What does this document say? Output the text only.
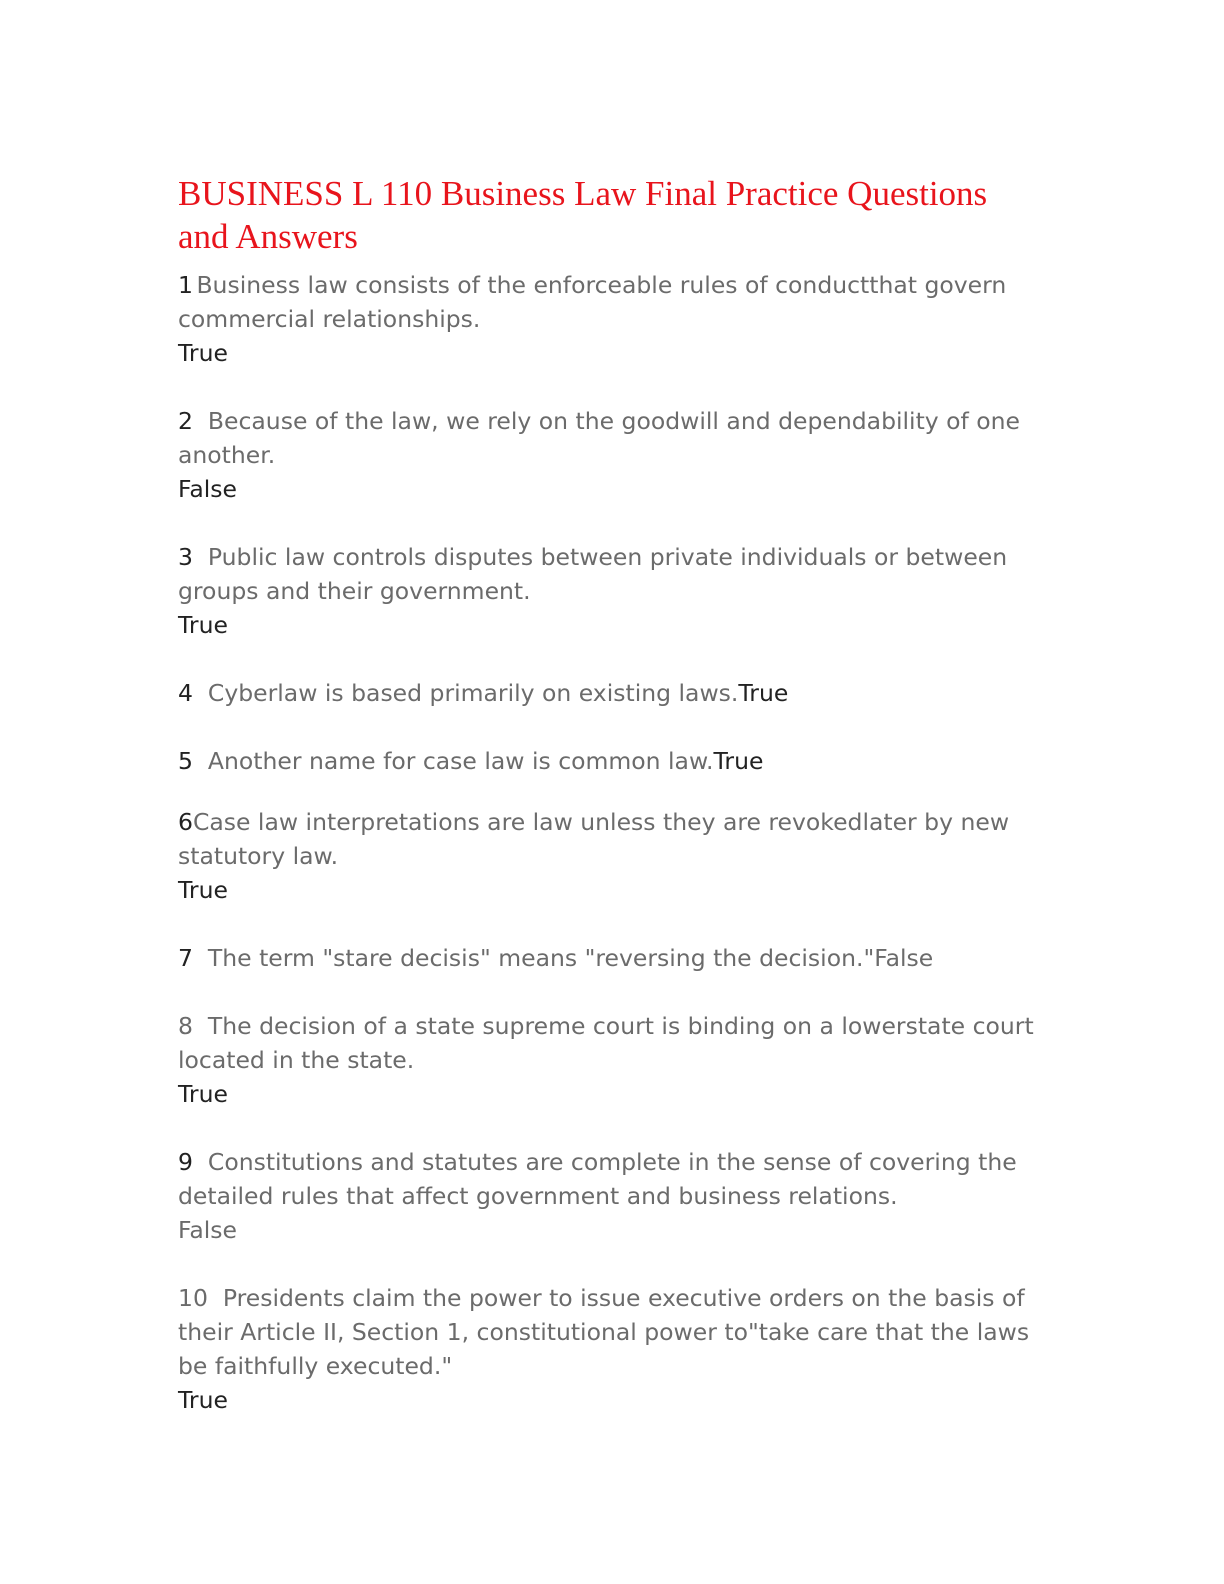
BUSINESS L 110 Business Law Final Practice Questions
and Answers

1 Business law consists of the enforceable rules of conductthat govern commercial relationships.
True

2 Because of the law, we rely on the goodwill and dependability of one another.
False

3 Public law controls disputes between private individuals or between groups and their government.
True

4 Cyberlaw is based primarily on existing laws.True

5 Another name for case law is common law.True

6Case law interpretations are law unless they are revokedlater by new statutory law.
True

7 The term "stare decisis" means "reversing the decision."False

8 The decision of a state supreme court is binding on a lowerstate court located in the state.
True

9 Constitutions and statutes are complete in the sense of covering the detailed rules that affect government and business relations.
False

10 Presidents claim the power to issue executive orders on the basis of their Article II, Section 1, constitutional power to"take care that the laws be faithfully executed."
True
